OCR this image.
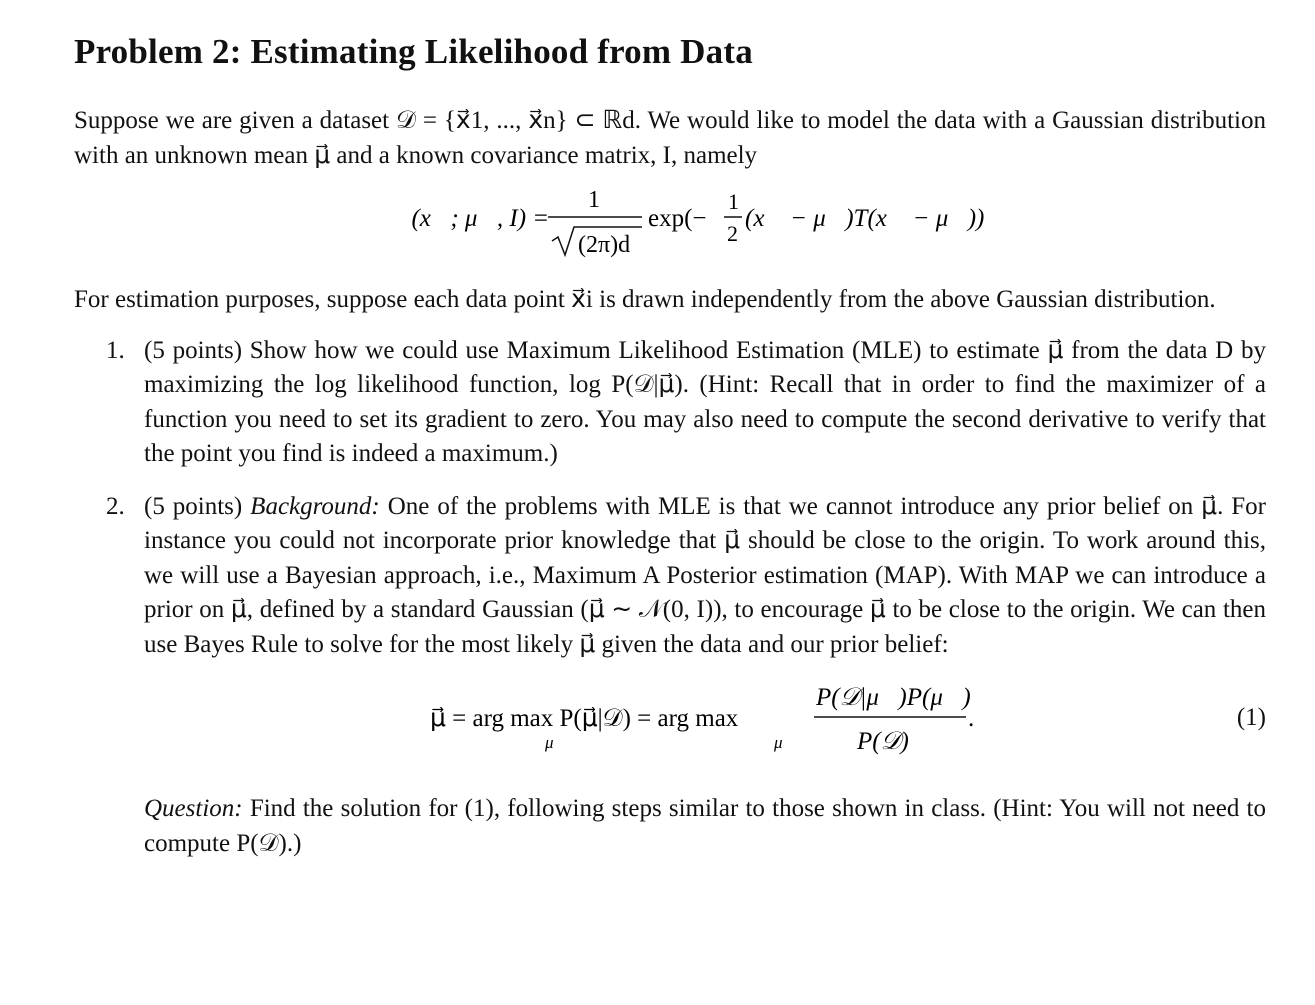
Problem 2: Estimating Likelihood from Data

Suppose we are given a dataset 𝒟 = {x⃗1, ..., x⃗n} ⊂ ℝd. We would like to model the data with a Gaussian distribution with an unknown mean μ⃗ and a known covariance matrix, I, namely

𝒫(x⃗; μ⃗, I) =
1
(2π)d
exp(−
1
2
(x⃗ − μ⃗)T(x⃗ − μ⃗))

For estimation purposes, suppose each data point x⃗i is drawn independently from the above Gaussian distribution.

1. (5 points) Show how we could use Maximum Likelihood Estimation (MLE) to estimate μ⃗ from the data D by maximizing the log likelihood function, log P(𝒟|μ⃗). (Hint: Recall that in order to find the maximizer of a function you need to set its gradient to zero. You may also need to compute the second derivative to verify that the point you find is indeed a maximum.)

2. (5 points) Background: One of the problems with MLE is that we cannot introduce any prior belief on μ⃗. For instance you could not incorporate prior knowledge that μ⃗ should be close to the origin. To work around this, we will use a Bayesian approach, i.e., Maximum A Posterior estimation (MAP). With MAP we can introduce a prior on μ⃗, defined by a standard Gaussian (μ⃗ ∼ 𝒩(0, I)), to encourage μ⃗ to be close to the origin. We can then use Bayes Rule to solve for the most likely μ⃗ given the data and our prior belief:

μ⃗ = arg max P(μ⃗|𝒟) = arg max
μ⃗	μ⃗
P(𝒟|μ⃗)P(μ⃗)
P(𝒟)
.	(1)

Question: Find the solution for (1), following steps similar to those shown in class. (Hint: You will not need to compute P(𝒟).)
